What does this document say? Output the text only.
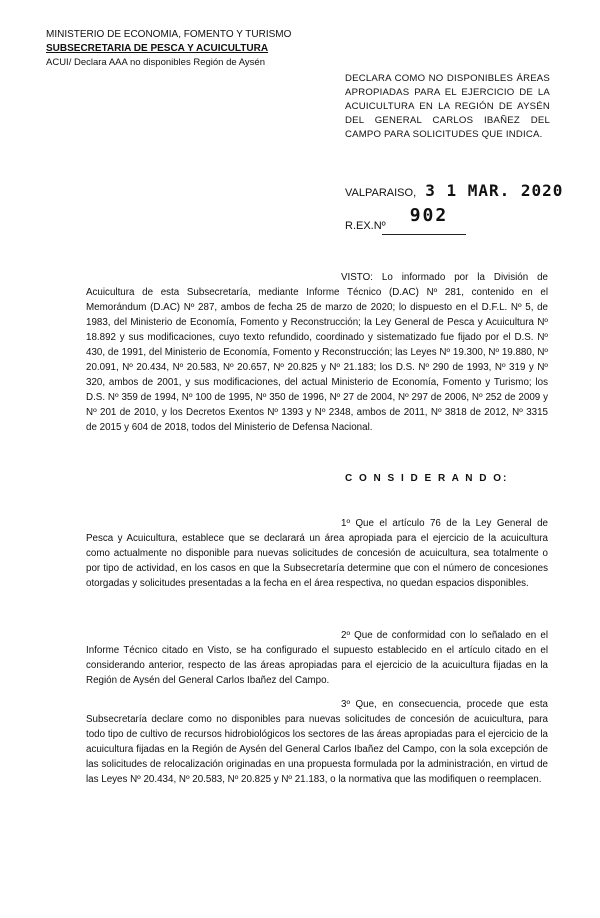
MINISTERIO DE ECONOMIA, FOMENTO Y TURISMO
SUBSECRETARIA DE PESCA Y ACUICULTURA
ACUI/ Declara AAA no disponibles Región de Aysén
DECLARA COMO NO DISPONIBLES ÁREAS APROPIADAS PARA EL EJERCICIO DE LA ACUICULTURA EN LA REGIÓN DE AYSÉN DEL GENERAL CARLOS IBAÑEZ DEL CAMPO PARA SOLICITUDES QUE INDICA.
VALPARAISO, 3 1 MAR. 2020
R.EX.Nº 902
VISTO: Lo informado por la División de Acuicultura de esta Subsecretaría, mediante Informe Técnico (D.AC) Nº 281, contenido en el Memorándum (D.AC) Nº 287, ambos de fecha 25 de marzo de 2020; lo dispuesto en el D.F.L. Nº 5, de 1983, del Ministerio de Economía, Fomento y Reconstrucción; la Ley General de Pesca y Acuicultura Nº 18.892 y sus modificaciones, cuyo texto refundido, coordinado y sistematizado fue fijado por el D.S. Nº 430, de 1991, del Ministerio de Economía, Fomento y Reconstrucción; las Leyes Nº 19.300, Nº 19.880, Nº 20.091, Nº 20.434, Nº 20.583, Nº 20.657, Nº 20.825 y Nº 21.183; los D.S. Nº 290 de 1993, Nº 319 y Nº 320, ambos de 2001, y sus modificaciones, del actual Ministerio de Economía, Fomento y Turismo; los D.S. Nº 359 de 1994, Nº 100 de 1995, Nº 350 de 1996, Nº 27 de 2004, Nº 297 de 2006, Nº 252 de 2009 y Nº 201 de 2010, y los Decretos Exentos Nº 1393 y Nº 2348, ambos de 2011, Nº 3818 de 2012, Nº 3315 de 2015 y 604 de 2018, todos del Ministerio de Defensa Nacional.
C O N S I D E R A N D O:
1º Que el artículo 76 de la Ley General de Pesca y Acuicultura, establece que se declarará un área apropiada para el ejercicio de la acuicultura como actualmente no disponible para nuevas solicitudes de concesión de acuicultura, sea totalmente o por tipo de actividad, en los casos en que la Subsecretaría determine que con el número de concesiones otorgadas y solicitudes presentadas a la fecha en el área respectiva, no quedan espacios disponibles.
2º Que de conformidad con lo señalado en el Informe Técnico citado en Visto, se ha configurado el supuesto establecido en el artículo citado en el considerando anterior, respecto de las áreas apropiadas para el ejercicio de la acuicultura fijadas en la Región de Aysén del General Carlos Ibañez del Campo.
3º Que, en consecuencia, procede que esta Subsecretaría declare como no disponibles para nuevas solicitudes de concesión de acuicultura, para todo tipo de cultivo de recursos hidrobiológicos los sectores de las áreas apropiadas para el ejercicio de la acuicultura fijadas en la Región de Aysén del General Carlos Ibañez del Campo, con la sola excepción de las solicitudes de relocalización originadas en una propuesta formulada por la administración, en virtud de las Leyes Nº 20.434, Nº 20.583, Nº 20.825 y Nº 21.183, o la normativa que las modifiquen o reemplacen.
